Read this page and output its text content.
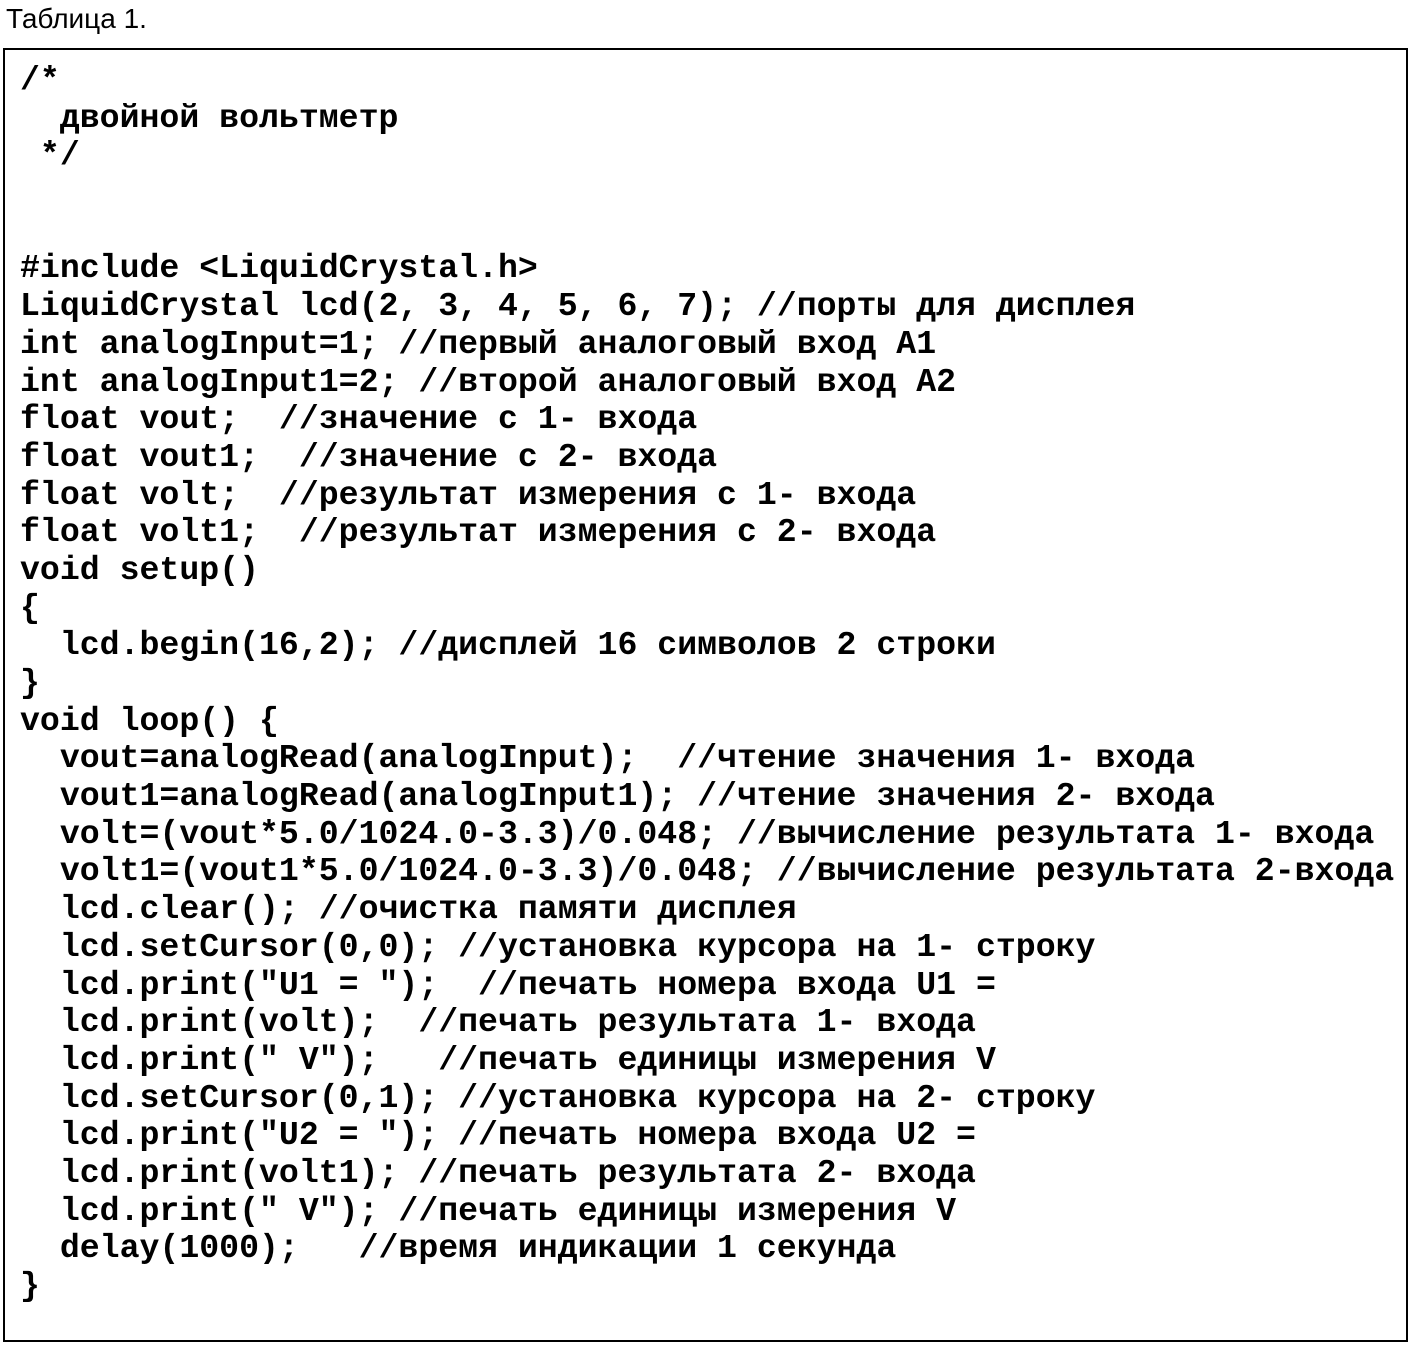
Таблица 1.

/*
двойной вольтметр
*/
#include <LiquidCrystal.h>
LiquidCrystal lcd(2, 3, 4, 5, 6, 7); //порты для дисплея
int analogInput=1; //первый аналоговый вход A1
int analogInput1=2; //второй аналоговый вход A2
float vout;  //значение с 1- входа
float vout1;  //значение с 2- входа
float volt;  //результат измерения с 1- входа
float volt1;  //результат измерения с 2- входа
void setup()
{
lcd.begin(16,2); //дисплей 16 символов 2 строки
}
void loop() {
vout=analogRead(analogInput);  //чтение значения 1- входа
vout1=analogRead(analogInput1); //чтение значения 2- входа
volt=(vout*5.0/1024.0-3.3)/0.048; //вычисление результата 1- входа
volt1=(vout1*5.0/1024.0-3.3)/0.048; //вычисление результата 2-входа
lcd.clear(); //очистка памяти дисплея
lcd.setCursor(0,0); //установка курсора на 1- строку
lcd.print("U1 = ");  //печать номера входа U1 =
lcd.print(volt);  //печать результата 1- входа
lcd.print(" V");   //печать единицы измерения V
lcd.setCursor(0,1); //установка курсора на 2- строку
lcd.print("U2 = "); //печать номера входа U2 =
lcd.print(volt1); //печать результата 2- входа
lcd.print(" V"); //печать единицы измерения V
delay(1000);   //время индикации 1 секунда
}
